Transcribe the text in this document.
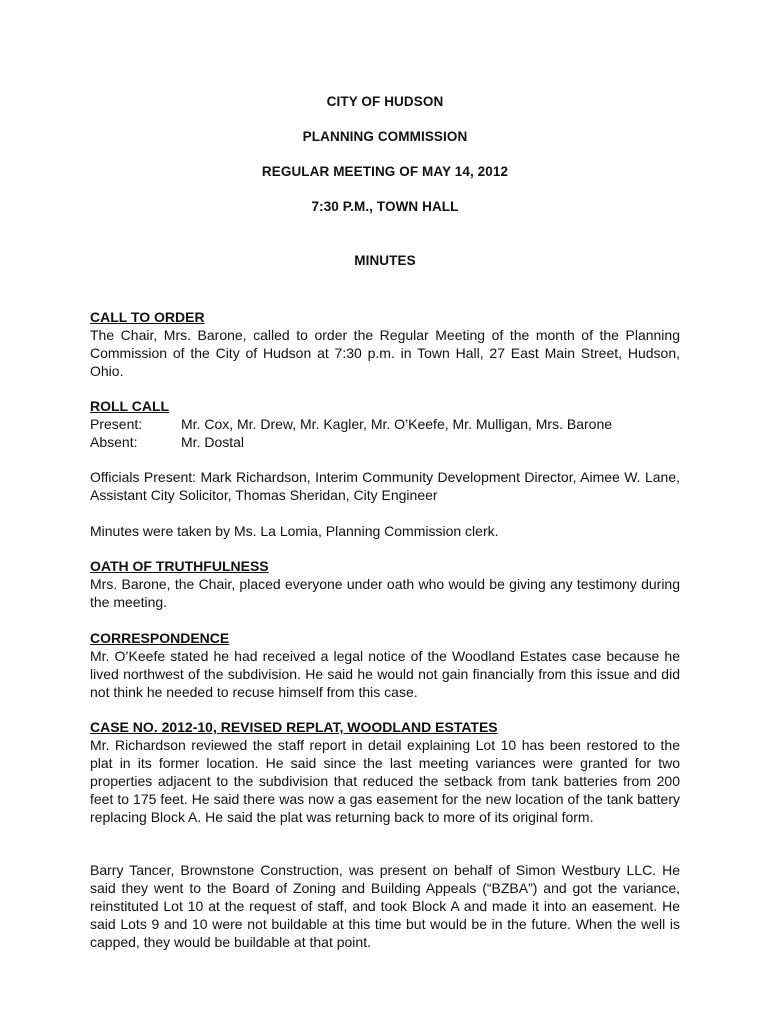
CITY OF HUDSON
PLANNING COMMISSION
REGULAR MEETING OF MAY 14, 2012
7:30 P.M., TOWN HALL
MINUTES
CALL TO ORDER
The Chair, Mrs. Barone, called to order the Regular Meeting of the month of the Planning Commission of the City of Hudson at 7:30 p.m. in Town Hall, 27 East Main Street, Hudson, Ohio.
ROLL CALL
Present:	Mr. Cox, Mr. Drew, Mr. Kagler, Mr. O’Keefe, Mr. Mulligan, Mrs. Barone
Absent:	Mr. Dostal
Officials Present: Mark Richardson, Interim Community Development Director, Aimee W. Lane, Assistant City Solicitor, Thomas Sheridan, City Engineer
Minutes were taken by Ms. La Lomia, Planning Commission clerk.
OATH OF TRUTHFULNESS
Mrs. Barone, the Chair, placed everyone under oath who would be giving any testimony during the meeting.
CORRESPONDENCE
Mr. O’Keefe stated he had received a legal notice of the Woodland Estates case because he lived northwest of the subdivision. He said he would not gain financially from this issue and did not think he needed to recuse himself from this case.
CASE NO. 2012-10, REVISED REPLAT, WOODLAND ESTATES
Mr. Richardson reviewed the staff report in detail explaining Lot 10 has been restored to the plat in its former location. He said since the last meeting variances were granted for two properties adjacent to the subdivision that reduced the setback from tank batteries from 200 feet to 175 feet. He said there was now a gas easement for the new location of the tank battery replacing Block A. He said the plat was returning back to more of its original form.
Barry Tancer, Brownstone Construction, was present on behalf of Simon Westbury LLC. He said they went to the Board of Zoning and Building Appeals (“BZBA”) and got the variance, reinstituted Lot 10 at the request of staff, and took Block A and made it into an easement. He said Lots 9 and 10 were not buildable at this time but would be in the future. When the well is capped, they would be buildable at that point.
